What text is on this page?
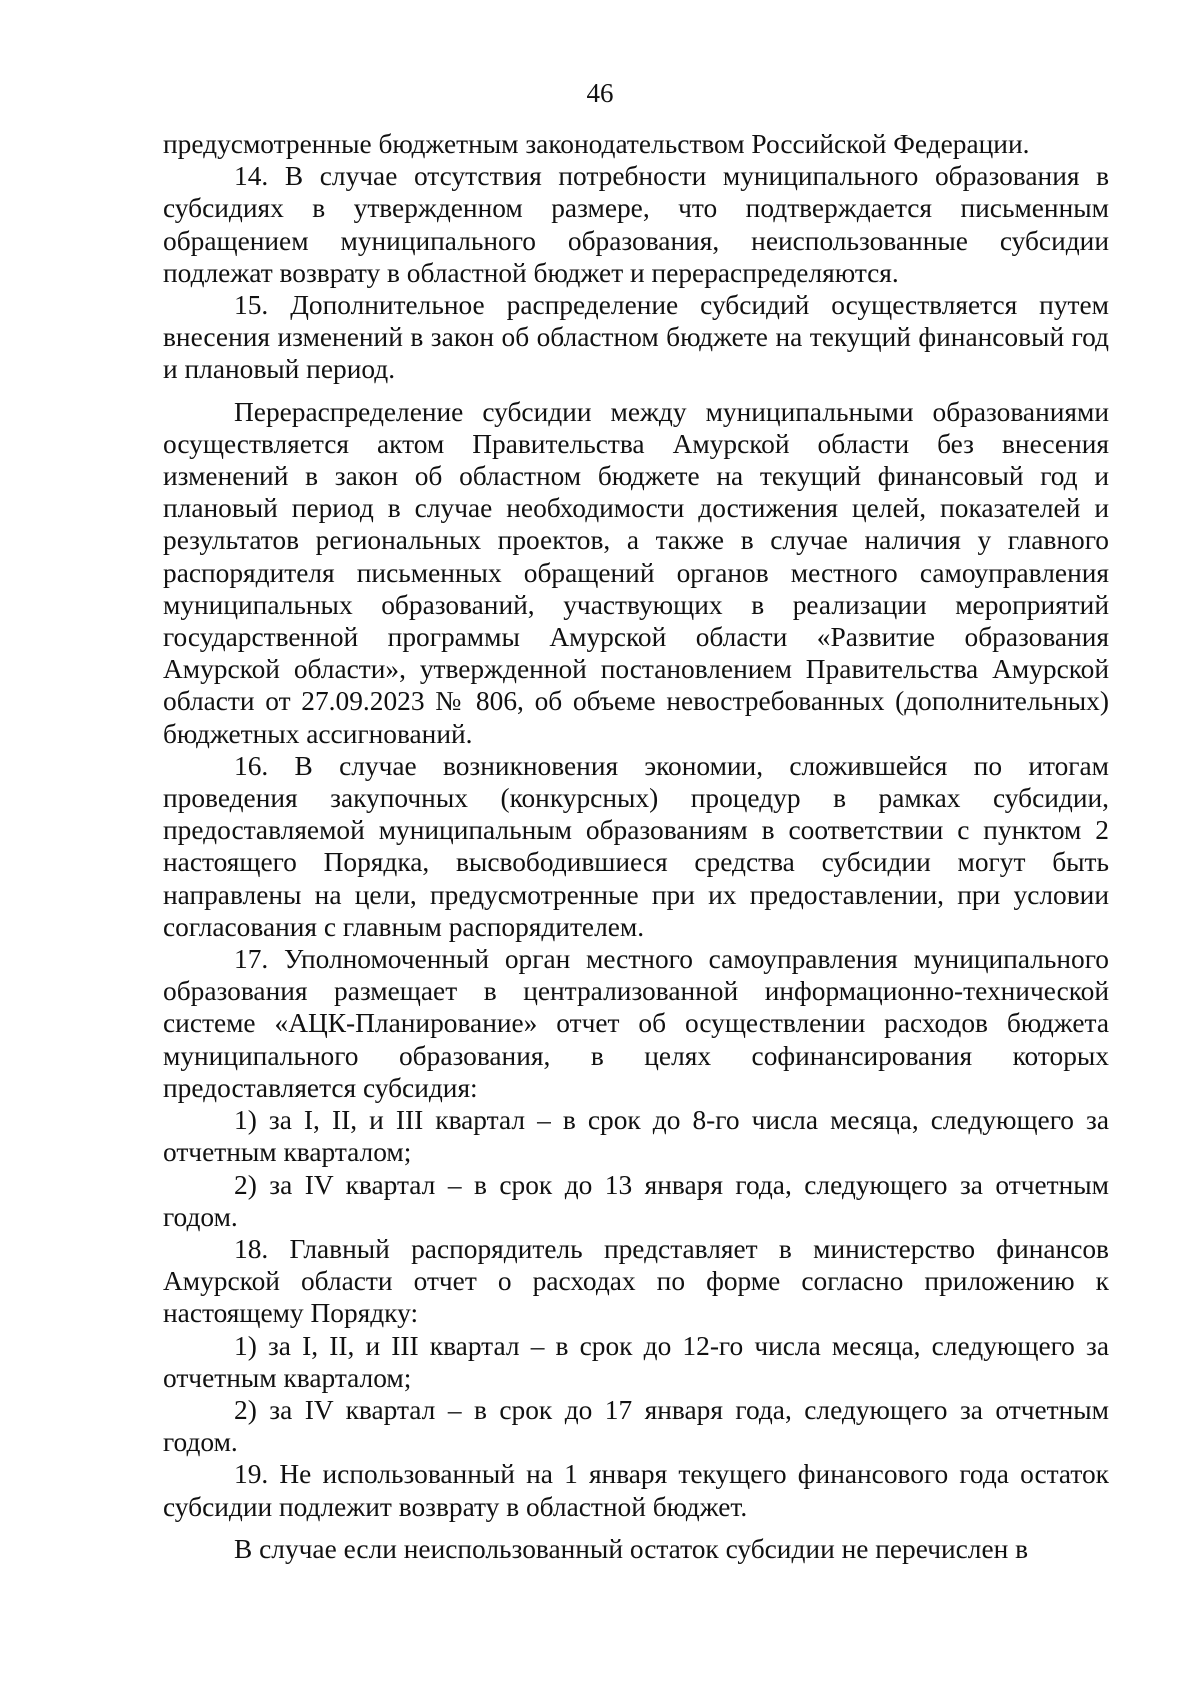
46

предусмотренные бюджетным законодательством Российской Федерации.

14. В случае отсутствия потребности муниципального образования в субсидиях в утвержденном размере, что подтверждается письменным обращением муниципального образования, неиспользованные субсидии подлежат возврату в областной бюджет и перераспределяются.

15. Дополнительное распределение субсидий осуществляется путем внесения изменений в закон об областном бюджете на текущий финансовый год и плановый период.

Перераспределение субсидии между муниципальными образованиями осуществляется актом Правительства Амурской области без внесения изменений в закон об областном бюджете на текущий финансовый год и плановый период в случае необходимости достижения целей, показателей и результатов региональных проектов, а также в случае наличия у главного распорядителя письменных обращений органов местного самоуправления муниципальных образований, участвующих в реализации мероприятий государственной программы Амурской области «Развитие образования Амурской области», утвержденной постановлением Правительства Амурской области от 27.09.2023 № 806, об объеме невостребованных (дополнительных) бюджетных ассигнований.

16. В случае возникновения экономии, сложившейся по итогам проведения закупочных (конкурсных) процедур в рамках субсидии, предоставляемой муниципальным образованиям в соответствии с пунктом 2 настоящего Порядка, высвободившиеся средства субсидии могут быть направлены на цели, предусмотренные при их предоставлении, при условии согласования с главным распорядителем.

17. Уполномоченный орган местного самоуправления муниципального образования размещает в централизованной информационно-технической системе «АЦК-Планирование» отчет об осуществлении расходов бюджета муниципального образования, в целях софинансирования которых предоставляется субсидия:

1) за I, II, и III квартал – в срок до 8-го числа месяца, следующего за отчетным кварталом;

2) за IV квартал – в срок до 13 января года, следующего за отчетным годом.

18. Главный распорядитель представляет в министерство финансов Амурской области отчет о расходах по форме согласно приложению к настоящему Порядку:

1) за I, II, и III квартал – в срок до 12-го числа месяца, следующего за отчетным кварталом;

2) за IV квартал – в срок до 17 января года, следующего за отчетным годом.

19. Не использованный на 1 января текущего финансового года остаток субсидии подлежит возврату в областной бюджет.

В случае если неиспользованный остаток субсидии не перечислен в
